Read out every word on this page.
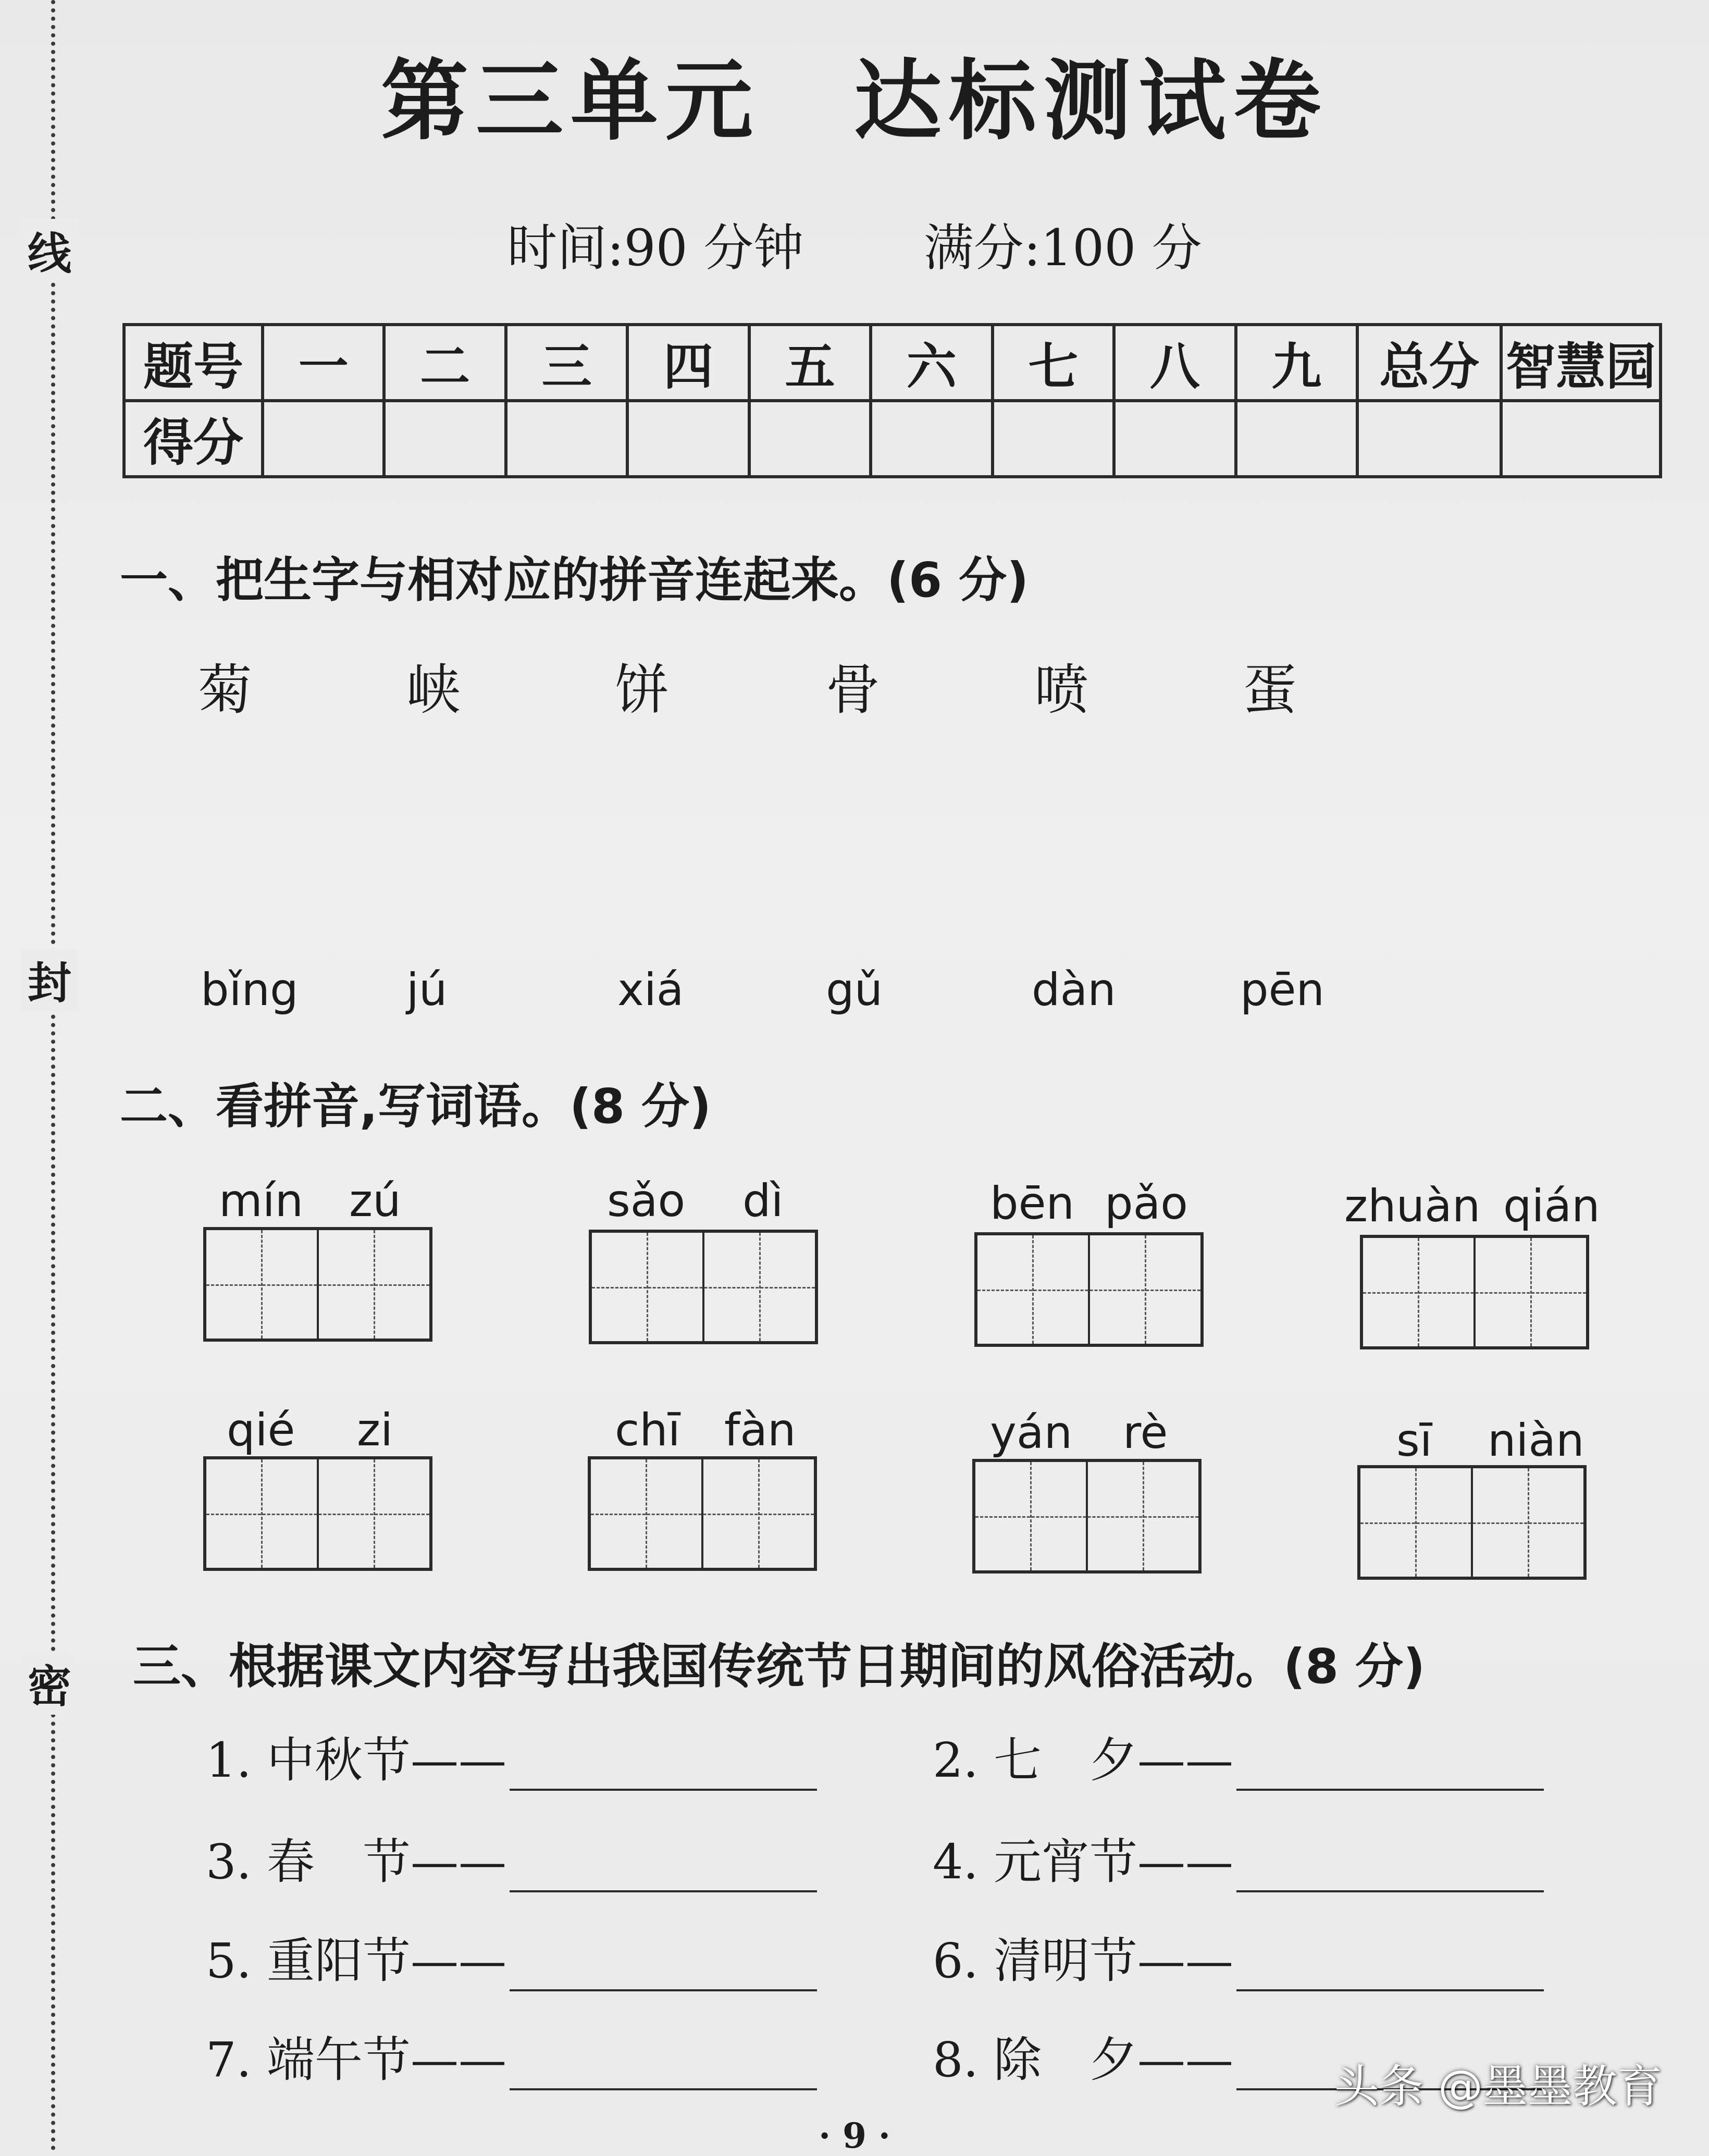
线
封
密
第三单元 达标测试卷
时间:90 分钟 满分:100 分
题号	一	二	三	四	五	六	七	八	九	总分	智慧园
得分											
一、把生字与相对应的拼音连起来。(6 分)
菊	峡	饼	骨	喷	蛋
bǐng jú	xiá	gǔ	dàn	pēn
二、看拼音,写词语。(8 分)
mín zú	sǎo dì	bēn pǎo	zhuàn qián
qié zi	chī fàn	yán rè	sī niàn
三、根据课文内容写出我国传统节日期间的风俗活动。(8 分)
1. 中秋节——	2. 七　夕——
3. 春　节——	4. 元宵节——
5. 重阳节——	6. 清明节——
7. 端午节——	8. 除　夕——
· 9 ·
头条 @墨墨教育
